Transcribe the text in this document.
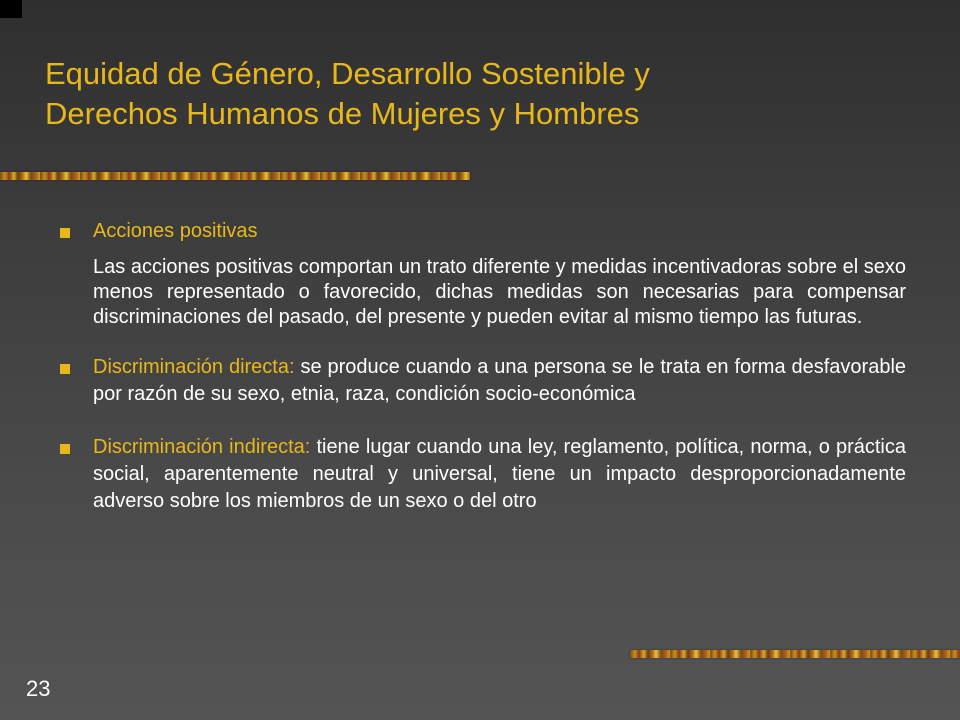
Equidad de Género, Desarrollo Sostenible y
Derechos Humanos de Mujeres y Hombres
Acciones positivas
Las acciones positivas comportan un trato diferente y medidas incentivadoras sobre el sexo menos representado o favorecido, dichas medidas son necesarias para compensar discriminaciones del pasado, del presente y pueden evitar al mismo tiempo las futuras.
Discriminación directa: se produce cuando a una persona se le trata en forma desfavorable por razón de su sexo, etnia, raza, condición socio-económica
Discriminación indirecta: tiene lugar cuando una ley, reglamento, política, norma, o práctica social, aparentemente neutral y universal, tiene un impacto desproporcionadamente adverso sobre los miembros de un sexo o del otro
23
